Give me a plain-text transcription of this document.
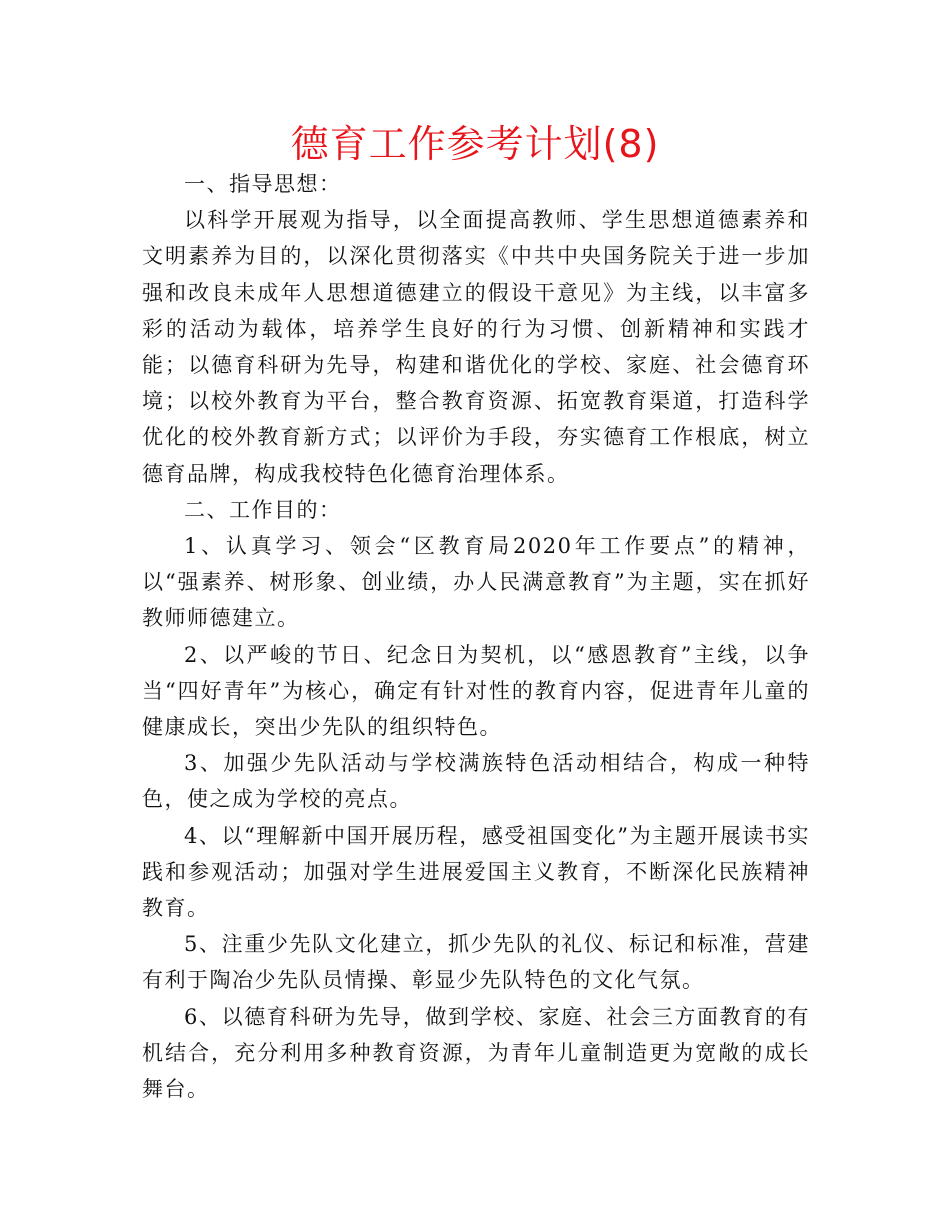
德育工作参考计划(8)

一、指导思想：

以科学开展观为指导，以全面提高教师、学生思想道德素养和文明素养为目的，以深化贯彻落实《中共中央国务院关于进一步加强和改良未成年人思想道德建立的假设干意见》为主线，以丰富多彩的活动为载体，培养学生良好的行为习惯、创新精神和实践才能；以德育科研为先导，构建和谐优化的学校、家庭、社会德育环境；以校外教育为平台，整合教育资源、拓宽教育渠道，打造科学优化的校外教育新方式；以评价为手段，夯实德育工作根底，树立德育品牌，构成我校特色化德育治理体系。

二、工作目的：

1、认真学习、领会“区教育局2020年工作要点”的精神，以“强素养、树形象、创业绩，办人民满意教育”为主题，实在抓好教师师德建立。

2、以严峻的节日、纪念日为契机，以“感恩教育”主线，以争当“四好青年”为核心，确定有针对性的教育内容，促进青年儿童的健康成长，突出少先队的组织特色。

3、加强少先队活动与学校满族特色活动相结合，构成一种特色，使之成为学校的亮点。

4、以“理解新中国开展历程，感受祖国变化”为主题开展读书实践和参观活动；加强对学生进展爱国主义教育，不断深化民族精神教育。

5、注重少先队文化建立，抓少先队的礼仪、标记和标准，营建有利于陶冶少先队员情操、彰显少先队特色的文化气氛。

6、以德育科研为先导，做到学校、家庭、社会三方面教育的有机结合，充分利用多种教育资源，为青年儿童制造更为宽敞的成长舞台。
